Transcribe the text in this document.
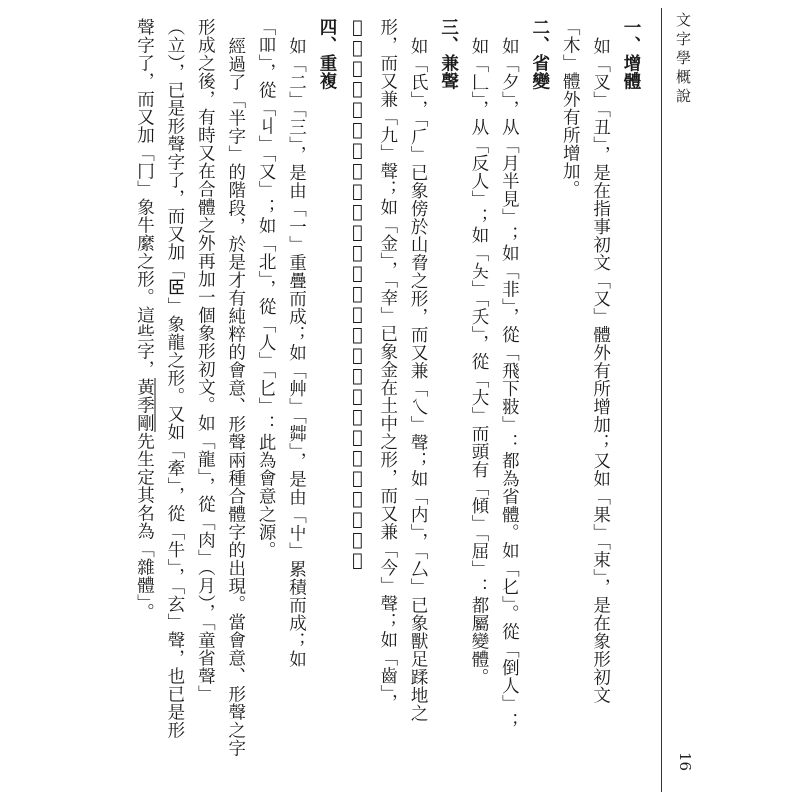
文字學概說
16
一、增體
如「叉」「丑」，是在指事初文「又」體外有所增加；又如「果」「束」，是在象形初文
「木」體外有所增加。
二、省變
如「夕」，从「月半見」；如「非」，從「飛下翄」：都為省體。如「𠤎」。從「倒人」；
如「𠃊」，从「反人」；如「夨」「夭」，從「大」而頭有「傾」「屈」：都屬變體。
三、兼聲
如「氏」，「𠂆」已象傍於山脅之形，而又兼「乀」聲；如「内」，「厶」已象獸足蹂地之
形，而又兼「九」聲；如「金」，「㚔」已象金在土中之形，而又兼「今」聲；如「齒」，
「𠚕」已象口中有齒之形，而又兼「止」聲：此為形聲之源。
四、重複
如「二」「三」，是由「一」重疊而成；如「艸」「茻」，是由「屮」累積而成；如
「吅」，從「丩」「又」；如「北」，從「人」「匕」：此為會意之源。
經過了「半字」的階段，於是才有純粹的會意、形聲兩種合體字的出現。當會意、形聲之字
形成之後，有時又在合體之外再加一個象形初文。如「龍」，從「肉」（月），「童省聲」
（立），已是形聲字了，而又加「𦣞」象龍之形。又如「牽」，從「牛」，「玄」聲，也已是形
聲字了，而又加「冂」象牛縻之形。這些字，黃季剛先生定其名為「雜體」。
